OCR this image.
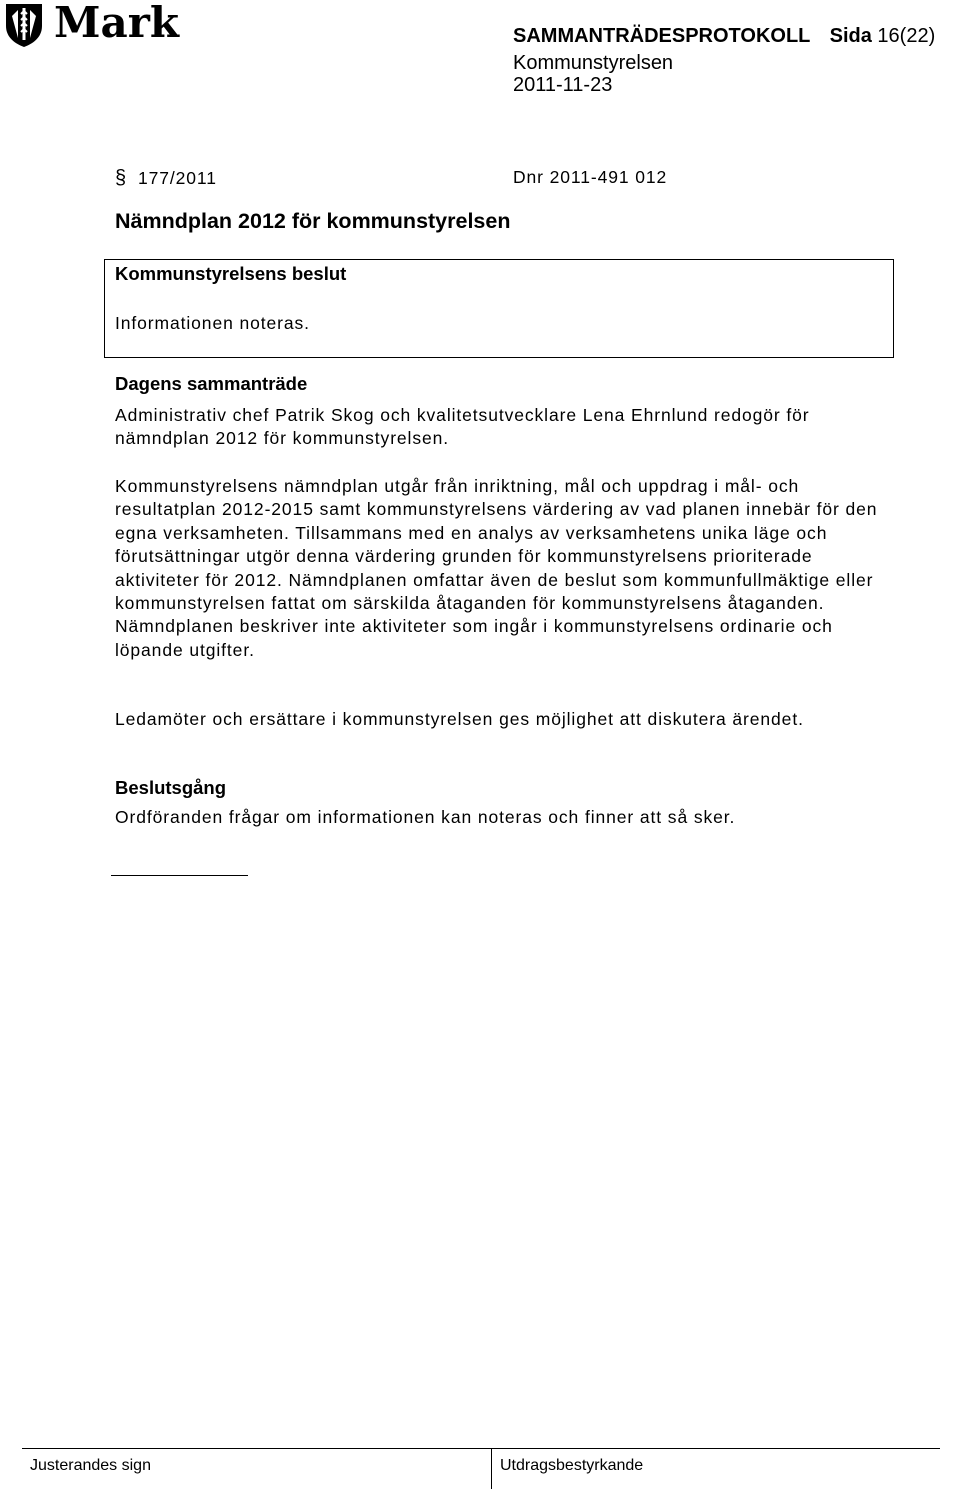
Mark	SAMMANTRÄDESPROTOKOLL Sida 16(22)
Kommunstyrelsen
2011-11-23
§ 177/2011	Dnr 2011-491 012
Nämndplan 2012 för kommunstyrelsen
Kommunstyrelsens beslut
Informationen noteras.
Dagens sammanträde
Administrativ chef Patrik Skog och kvalitetsutvecklare Lena Ehrnlund redogör för nämndplan 2012 för kommunstyrelsen.
Kommunstyrelsens nämndplan utgår från inriktning, mål och uppdrag i mål- och resultatplan 2012-2015 samt kommunstyrelsens värdering av vad planen innebär för den egna verksamheten. Tillsammans med en analys av verksamhetens unika läge och förutsättningar utgör denna värdering grunden för kommunstyrelsens prioriterade aktiviteter för 2012. Nämndplanen omfattar även de beslut som kommunfullmäktige eller kommunstyrelsen fattat om särskilda åtaganden för kommunstyrelsens åtaganden. Nämndplanen beskriver inte aktiviteter som ingår i kommunstyrelsens ordinarie och löpande utgifter.
Ledamöter och ersättare i kommunstyrelsen ges möjlighet att diskutera ärendet.
Beslutsgång
Ordföranden frågar om informationen kan noteras och finner att så sker.
Justerandes sign	Utdragsbestyrkande
